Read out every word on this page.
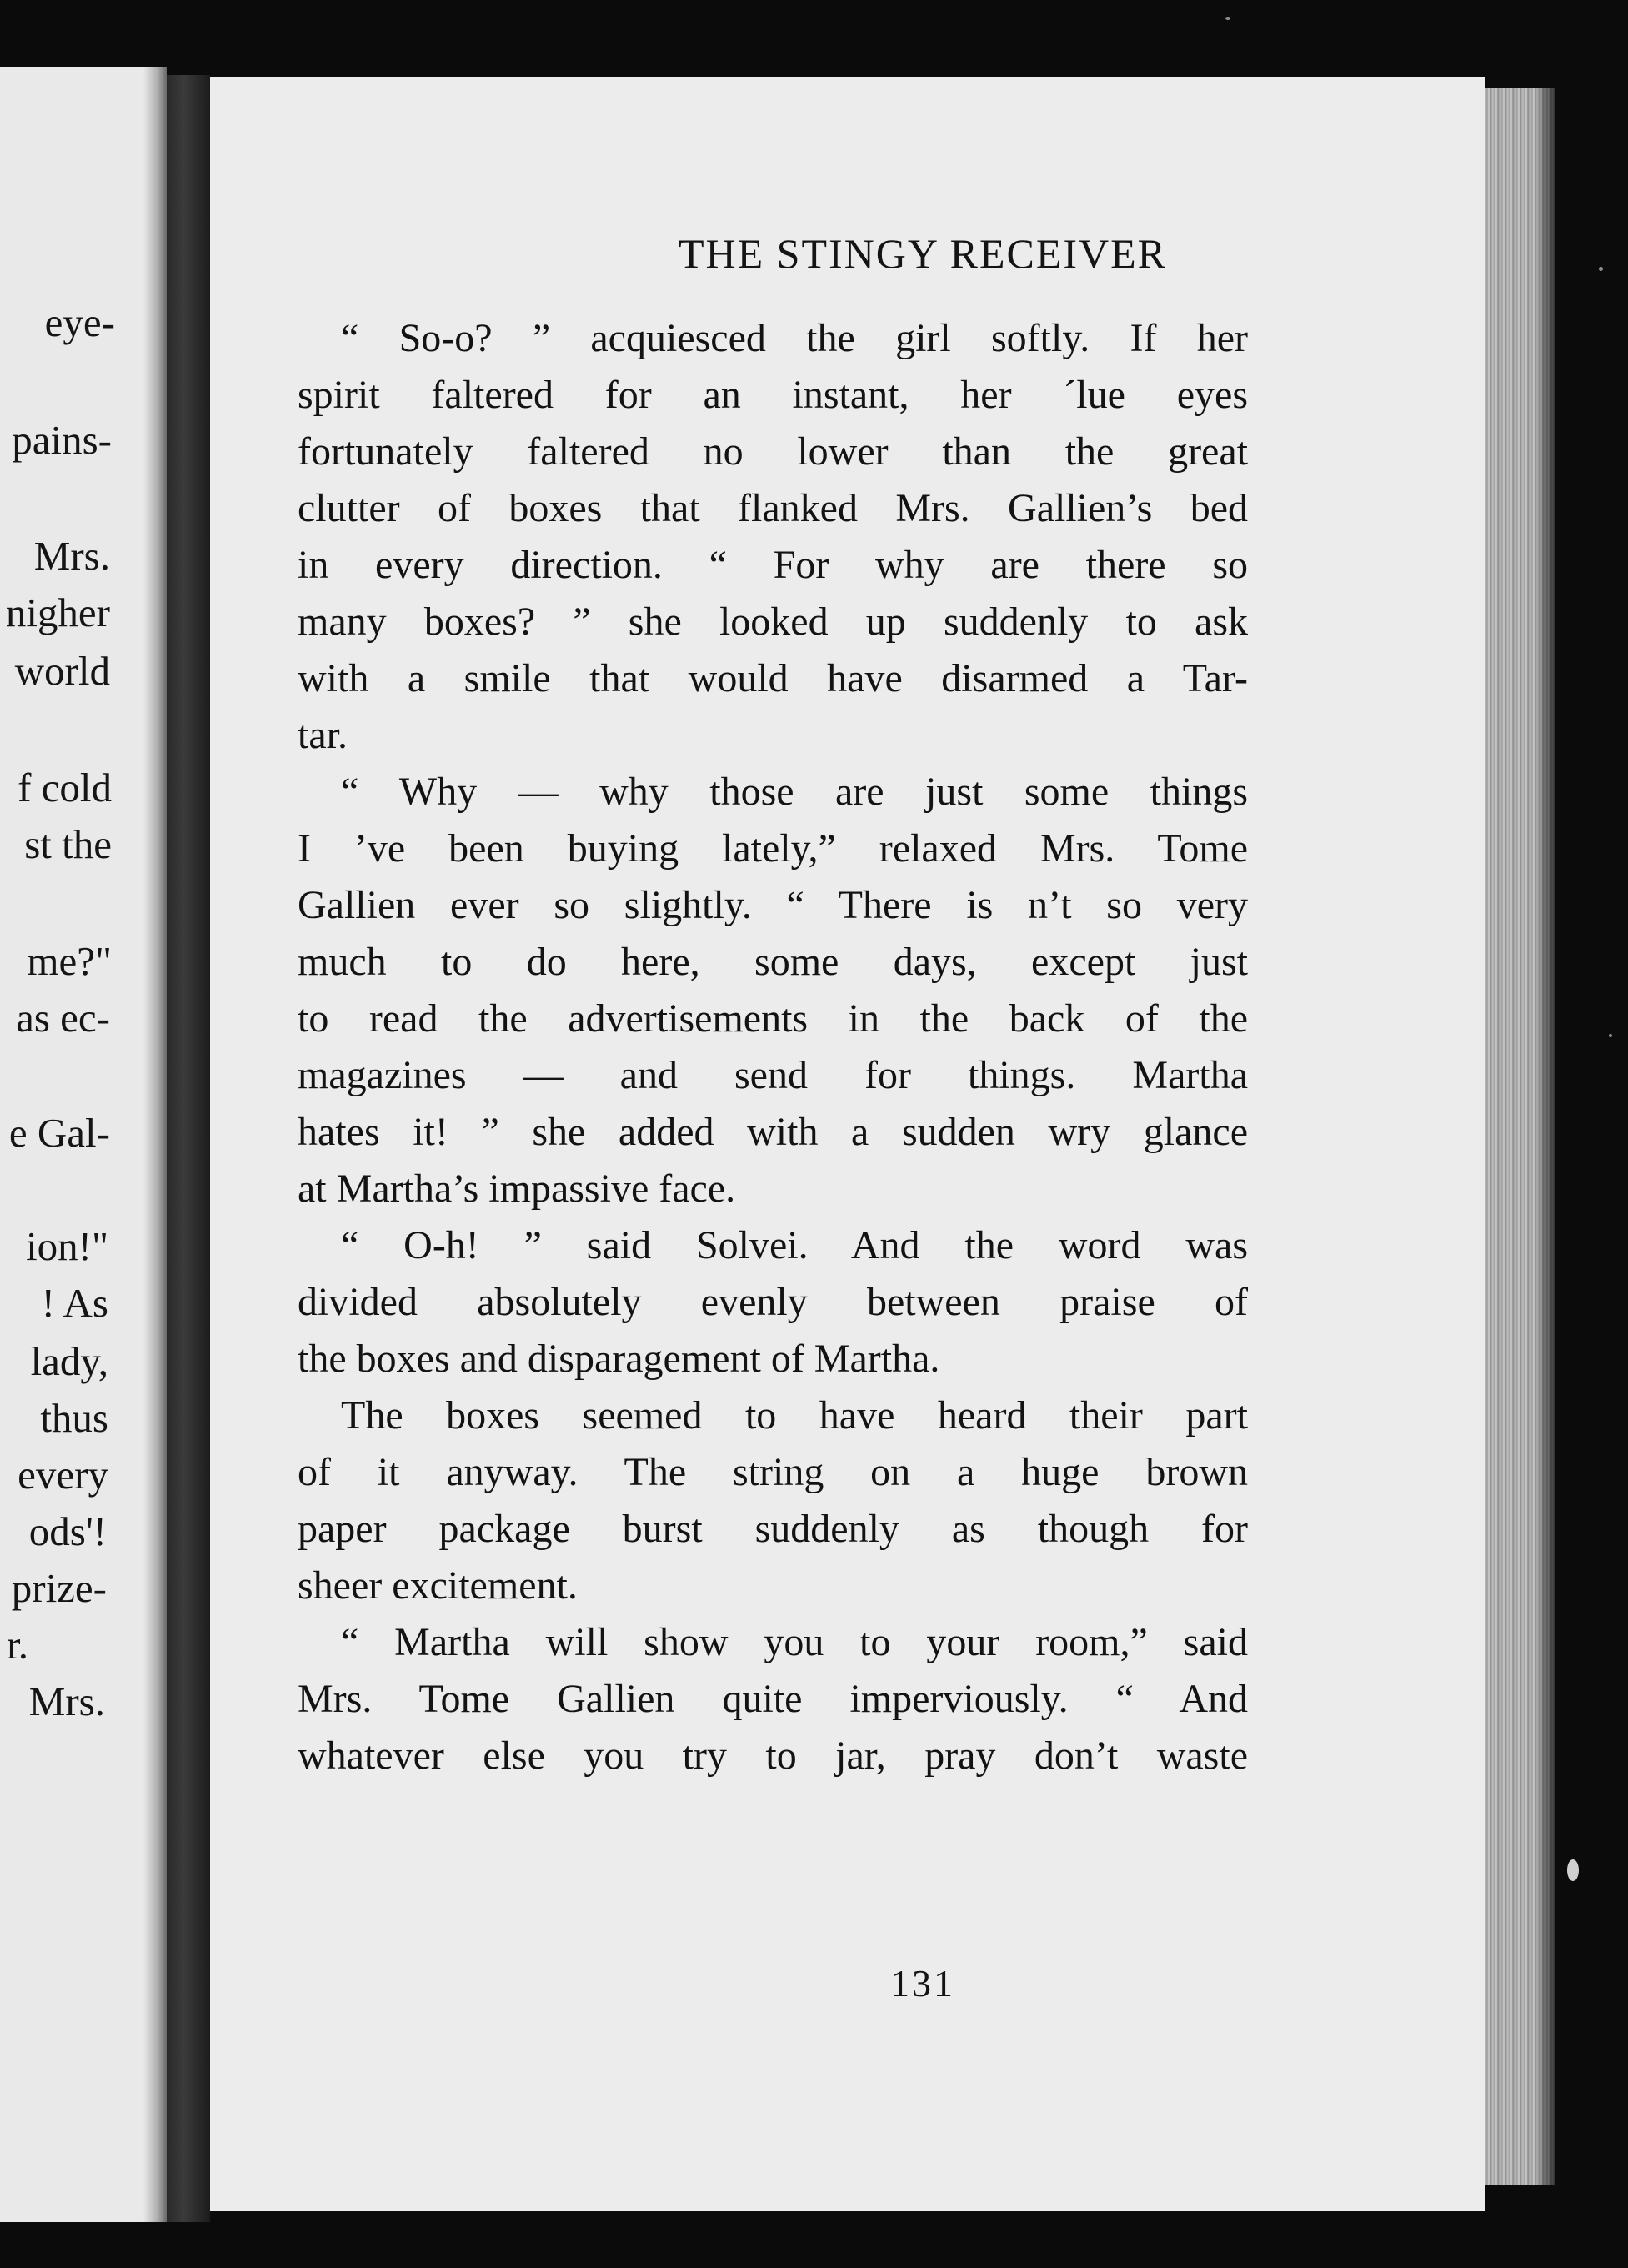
eye-
pains-
Mrs.
nigher
world
f cold
st the
me?"
as ec-
e Gal-
ion!"
! As
lady,
thus
every
ods'!
prize-
r.
Mrs.
THE STINGY RECEIVER
“ So-o? ” acquiesced the girl softly. If her
spirit faltered for an instant, her ´lue eyes
fortunately faltered no lower than the great
clutter of boxes that flanked Mrs. Gallien’s bed
in every direction. “ For why are there so
many boxes? ” she looked up suddenly to ask
with a smile that would have disarmed a Tar-
tar.
“ Why — why those are just some things
I ’ve been buying lately,” relaxed Mrs. Tome
Gallien ever so slightly. “ There is n’t so very
much to do here, some days, except just
to read the advertisements in the back of the
magazines — and send for things. Martha
hates it! ” she added with a sudden wry glance
at Martha’s impassive face.
“ O-h! ” said Solvei. And the word was
divided absolutely evenly between praise of
the boxes and disparagement of Martha.
The boxes seemed to have heard their part
of it anyway. The string on a huge brown
paper package burst suddenly as though for
sheer excitement.
“ Martha will show you to your room,” said
Mrs. Tome Gallien quite imperviously. “ And
whatever else you try to jar, pray don’t waste
131
